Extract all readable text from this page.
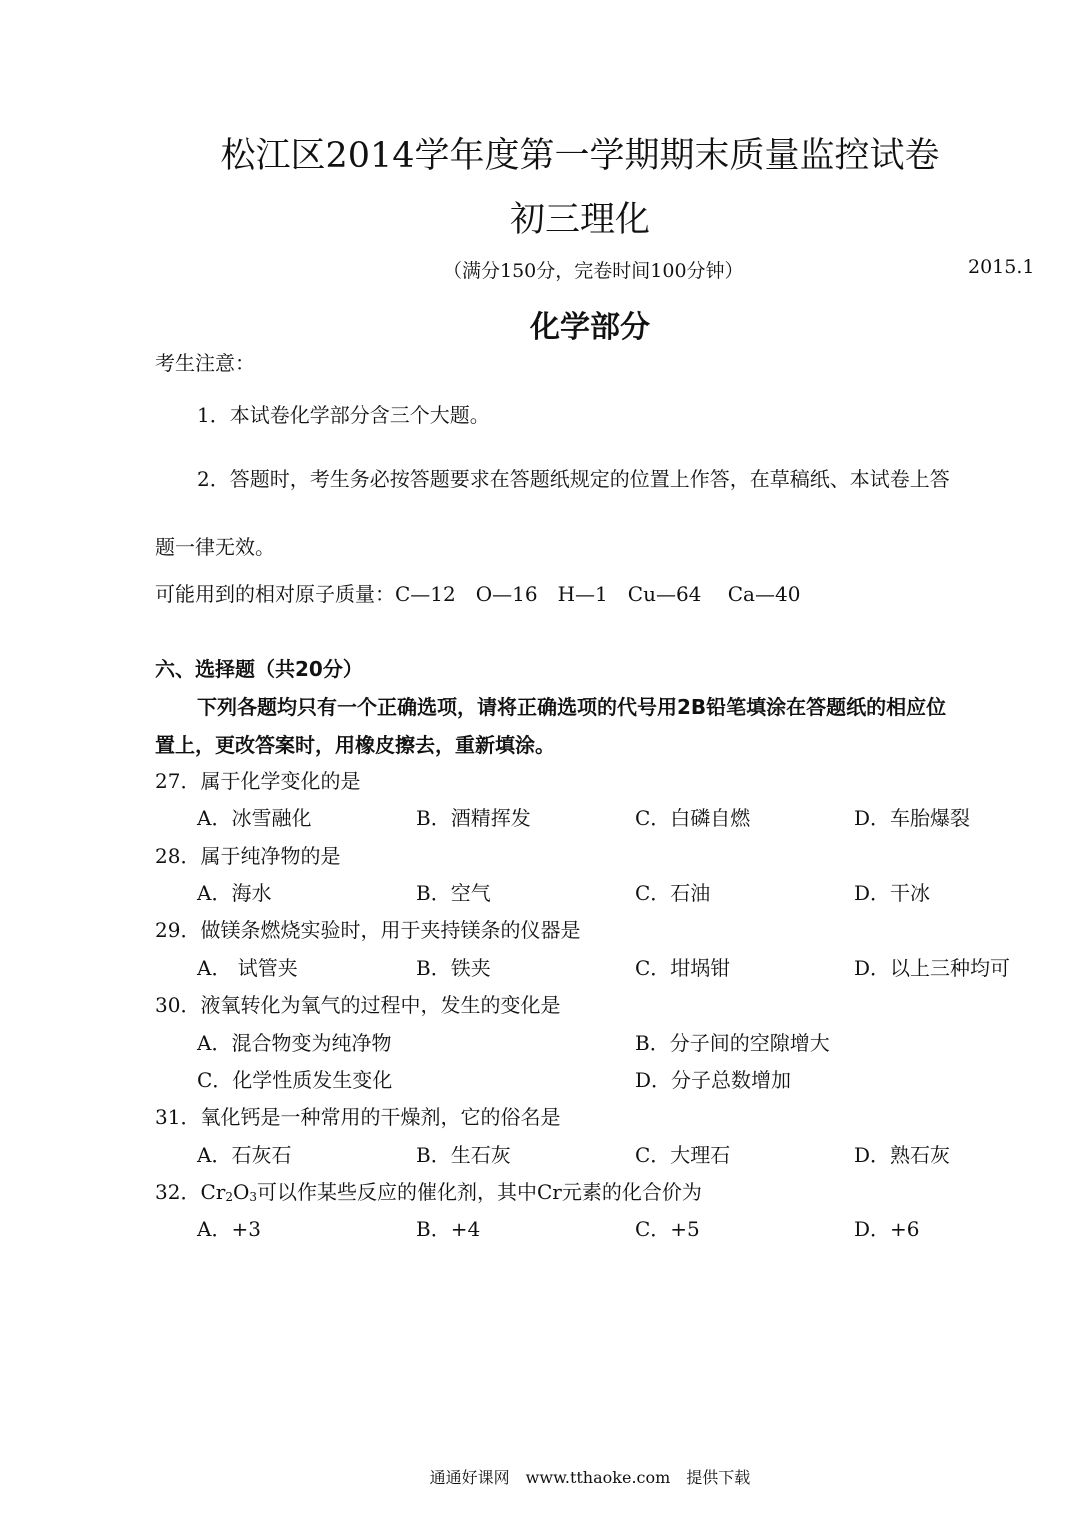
松江区2014学年度第一学期期末质量监控试卷
初三理化
（满分150分，完卷时间100分钟）	2015.1
化学部分
考生注意：
1．本试卷化学部分含三个大题。
2．答题时，考生务必按答题要求在答题纸规定的位置上作答，在草稿纸、本试卷上答
题一律无效。
可能用到的相对原子质量：C—12　O—16　H—1　Cu—64　 Ca—40
六、选择题（共20分）
下列各题均只有一个正确选项，请将正确选项的代号用2B铅笔填涂在答题纸的相应位
置上，更改答案时，用橡皮擦去，重新填涂。
27．属于化学变化的是
A．冰雪融化	B．酒精挥发	C．白磷自燃	D．车胎爆裂
28．属于纯净物的是
A．海水	B．空气	C．石油	D．干冰
29．做镁条燃烧实验时，用于夹持镁条的仪器是
A． 试管夹	B．铁夹	C．坩埚钳	D．以上三种均可
30．液氧转化为氧气的过程中，发生的变化是
A．混合物变为纯净物	B．分子间的空隙增大
C．化学性质发生变化	D．分子总数增加
31．氧化钙是一种常用的干燥剂，它的俗名是
A．石灰石	B．生石灰	C．大理石	D．熟石灰
32．$Cr_2O_3$可以作某些反应的催化剂，其中Cr元素的化合价为
A．+3	B．+4	C．+5	D．+6
通通好课网　www.tthaoke.com　提供下载
